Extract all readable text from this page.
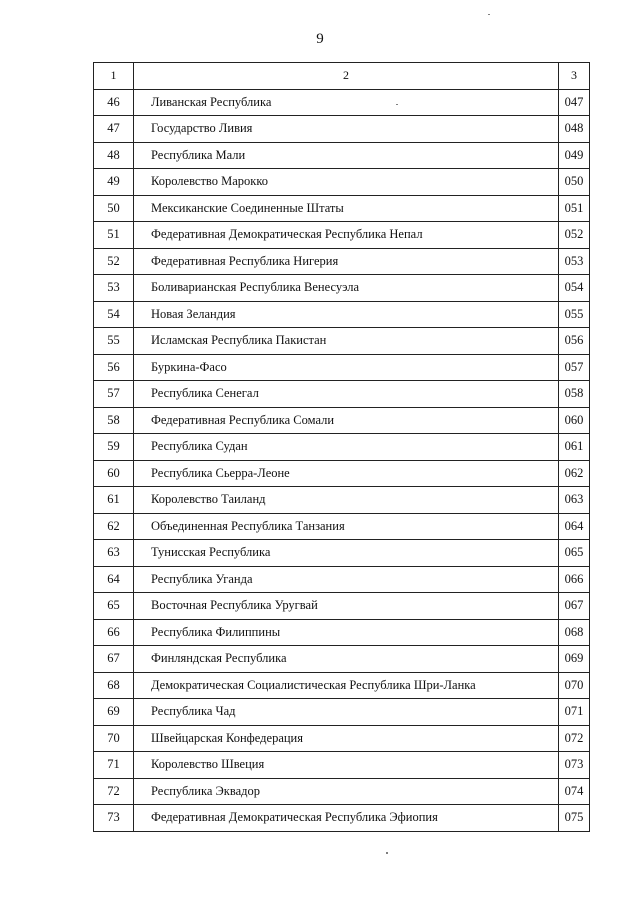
9
1	2	3
46	Ливанская Республика	047
47	Государство Ливия	048
48	Республика Мали	049
49	Королевство Марокко	050
50	Мексиканские Соединенные Штаты	051
51	Федеративная Демократическая Республика Непал	052
52	Федеративная Республика Нигерия	053
53	Боливарианская Республика Венесуэла	054
54	Новая Зеландия	055
55	Исламская Республика Пакистан	056
56	Буркина-Фасо	057
57	Республика Сенегал	058
58	Федеративная Республика Сомали	060
59	Республика Судан	061
60	Республика Сьерра-Леоне	062
61	Королевство Таиланд	063
62	Объединенная Республика Танзания	064
63	Тунисская Республика	065
64	Республика Уганда	066
65	Восточная Республика Уругвай	067
66	Республика Филиппины	068
67	Финляндская Республика	069
68	Демократическая Социалистическая Республика Шри-Ланка	070
69	Республика Чад	071
70	Швейцарская Конфедерация	072
71	Королевство Швеция	073
72	Республика Эквадор	074
73	Федеративная Демократическая Республика Эфиопия	075
